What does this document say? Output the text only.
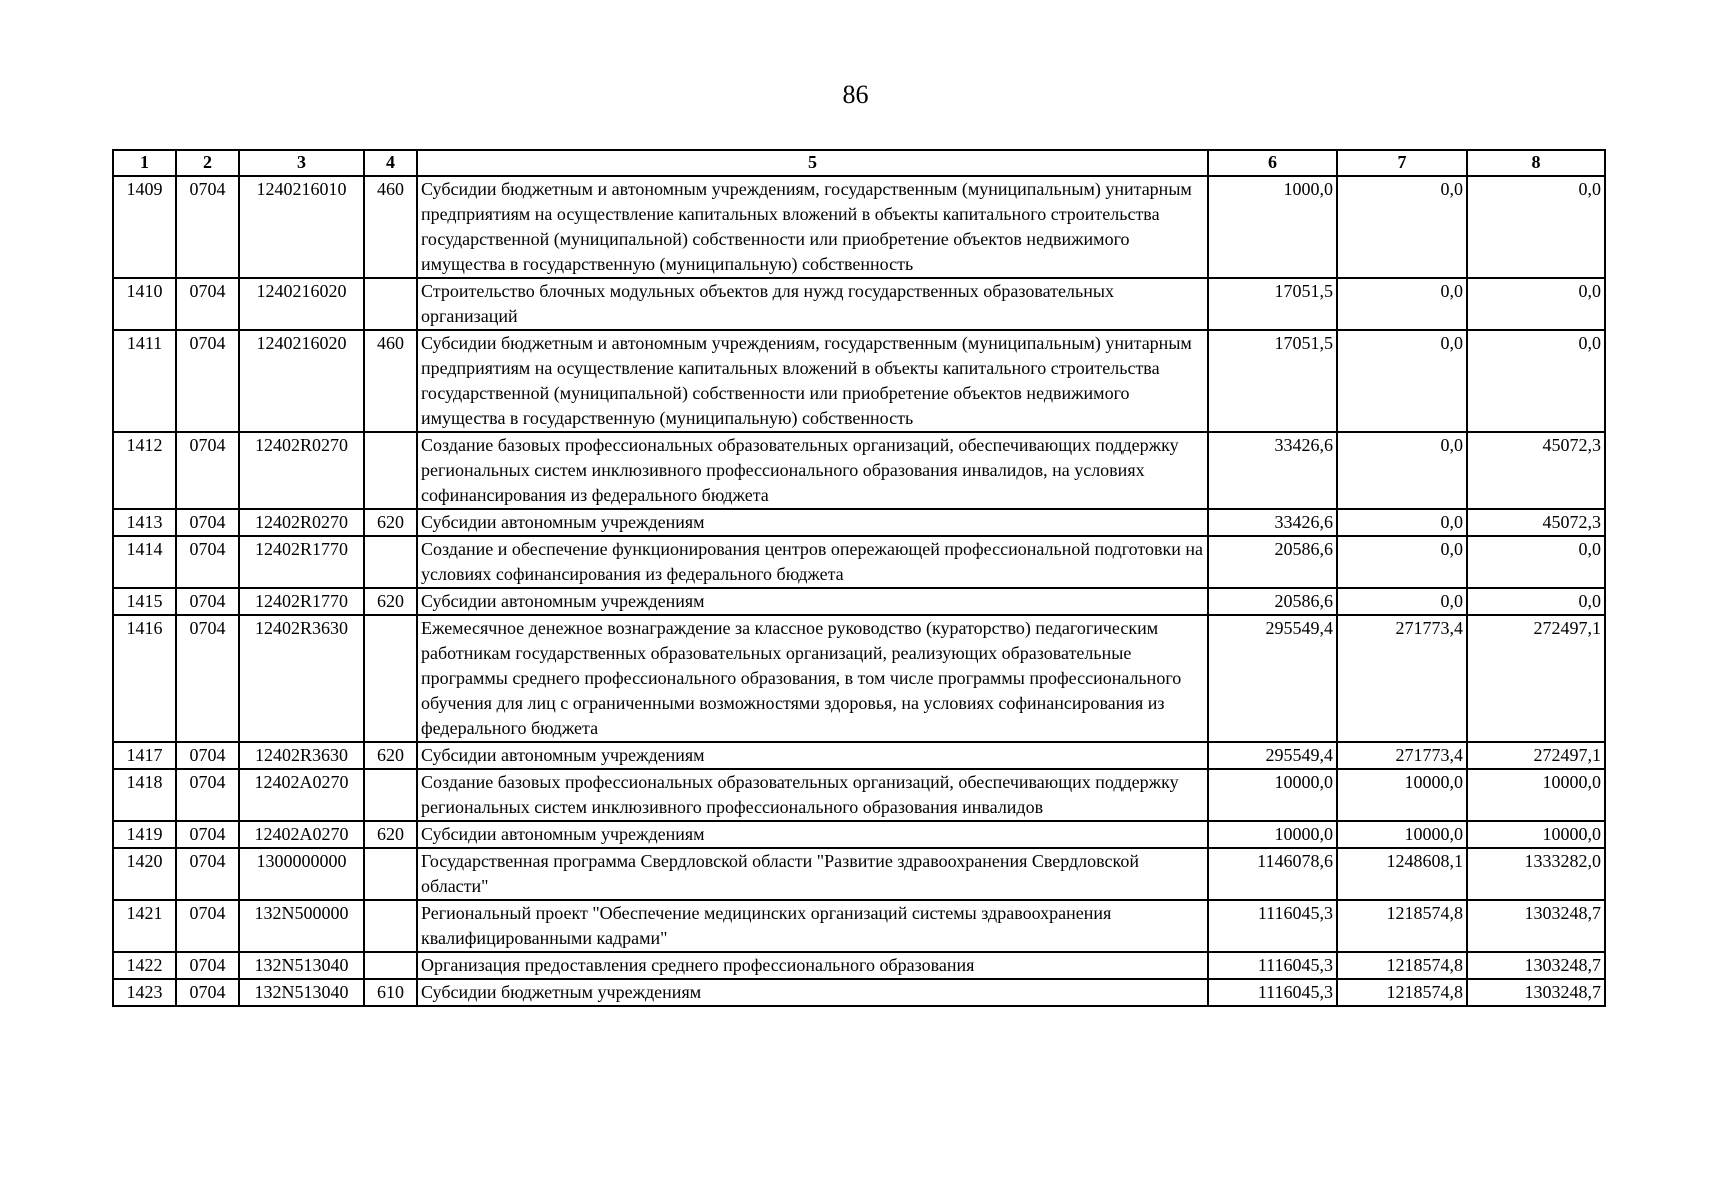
86
1	2	3	4	5	6	7	8
1409	0704	1240216010	460	Субсидии бюджетным и автономным учреждениям, государственным (муниципальным) унитарным предприятиям на осуществление капитальных вложений в объекты капитального строительства государственной (муниципальной) собственности или приобретение объектов недвижимого имущества в государственную (муниципальную) собственность	1000,0	0,0	0,0
1410	0704	1240216020		Строительство блочных модульных объектов для нужд государственных образовательных организаций	17051,5	0,0	0,0
1411	0704	1240216020	460	Субсидии бюджетным и автономным учреждениям, государственным (муниципальным) унитарным предприятиям на осуществление капитальных вложений в объекты капитального строительства государственной (муниципальной) собственности или приобретение объектов недвижимого имущества в государственную (муниципальную) собственность	17051,5	0,0	0,0
1412	0704	12402R0270		Создание базовых профессиональных образовательных организаций, обеспечивающих поддержку региональных систем инклюзивного профессионального образования инвалидов, на условиях софинансирования из федерального бюджета	33426,6	0,0	45072,3
1413	0704	12402R0270	620	Субсидии автономным учреждениям	33426,6	0,0	45072,3
1414	0704	12402R1770		Создание и обеспечение функционирования центров опережающей профессиональной подготовки на условиях софинансирования из федерального бюджета	20586,6	0,0	0,0
1415	0704	12402R1770	620	Субсидии автономным учреждениям	20586,6	0,0	0,0
1416	0704	12402R3630		Ежемесячное денежное вознаграждение за классное руководство (кураторство) педагогическим работникам государственных образовательных организаций, реализующих образовательные программы среднего профессионального образования, в том числе программы профессионального обучения для лиц с ограниченными возможностями здоровья, на условиях софинансирования из федерального бюджета	295549,4	271773,4	272497,1
1417	0704	12402R3630	620	Субсидии автономным учреждениям	295549,4	271773,4	272497,1
1418	0704	12402A0270		Создание базовых профессиональных образовательных организаций, обеспечивающих поддержку региональных систем инклюзивного профессионального образования инвалидов	10000,0	10000,0	10000,0
1419	0704	12402A0270	620	Субсидии автономным учреждениям	10000,0	10000,0	10000,0
1420	0704	1300000000		Государственная программа Свердловской области "Развитие здравоохранения Свердловской области"	1146078,6	1248608,1	1333282,0
1421	0704	132N500000		Региональный проект "Обеспечение медицинских организаций системы здравоохранения квалифицированными кадрами"	1116045,3	1218574,8	1303248,7
1422	0704	132N513040		Организация предоставления среднего профессионального образования	1116045,3	1218574,8	1303248,7
1423	0704	132N513040	610	Субсидии бюджетным учреждениям	1116045,3	1218574,8	1303248,7
